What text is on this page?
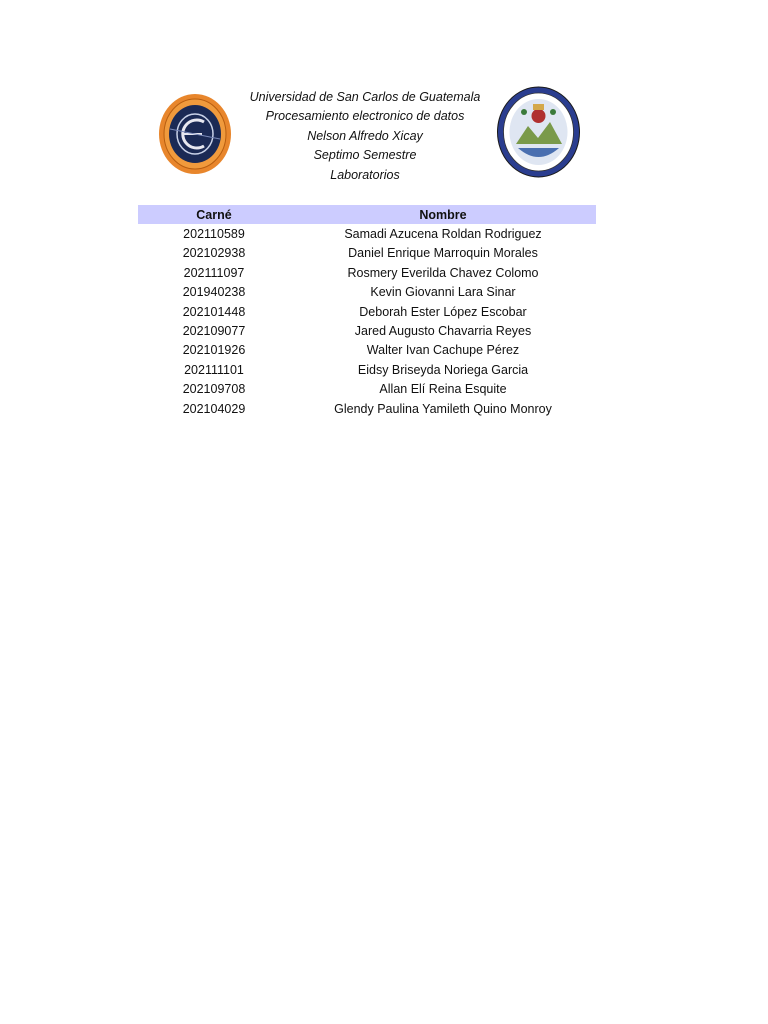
Universidad de San Carlos de Guatemala
Procesamiento electronico de datos
Nelson Alfredo Xicay
Septimo Semestre
Laboratorios
Carné	Nombre
202110589	Samadi Azucena Roldan Rodriguez
202102938	Daniel Enrique Marroquin Morales
202111097	Rosmery Everilda Chavez Colomo
201940238	Kevin Giovanni Lara Sinar
202101448	Deborah Ester López Escobar
202109077	Jared Augusto Chavarria Reyes
202101926	Walter Ivan Cachupe Pérez
202111101	Eidsy Briseyda Noriega Garcia
202109708	Allan Elí Reina Esquite
202104029	Glendy Paulina Yamileth Quino Monroy
